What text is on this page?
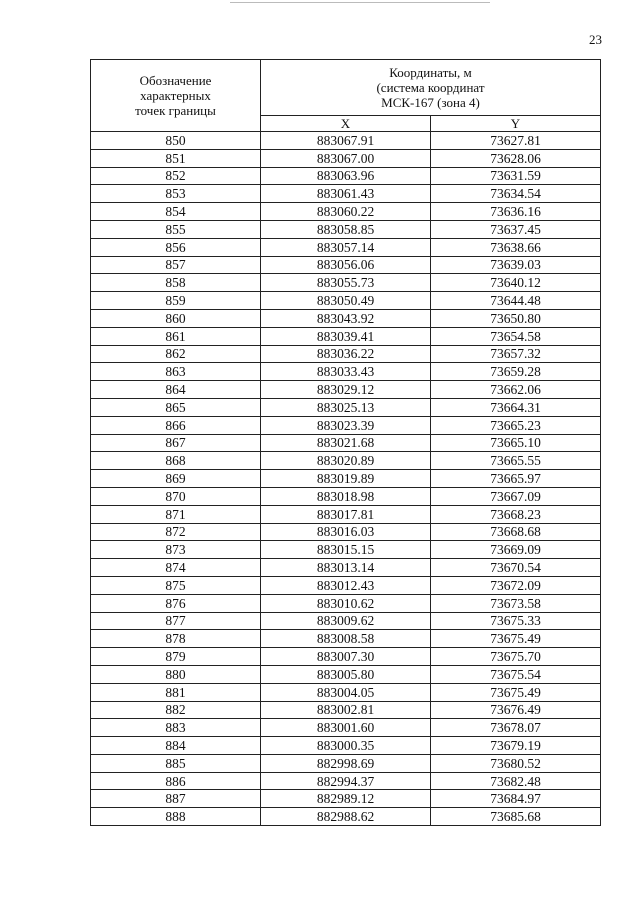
23
Обозначение
характерных
точек границы	Координаты, м
(система координат
МСК-167 (зона 4)	

	X	Y
850	883067.91	73627.81
851	883067.00	73628.06
852	883063.96	73631.59
853	883061.43	73634.54
854	883060.22	73636.16
855	883058.85	73637.45
856	883057.14	73638.66
857	883056.06	73639.03
858	883055.73	73640.12
859	883050.49	73644.48
860	883043.92	73650.80
861	883039.41	73654.58
862	883036.22	73657.32
863	883033.43	73659.28
864	883029.12	73662.06
865	883025.13	73664.31
866	883023.39	73665.23
867	883021.68	73665.10
868	883020.89	73665.55
869	883019.89	73665.97
870	883018.98	73667.09
871	883017.81	73668.23
872	883016.03	73668.68
873	883015.15	73669.09
874	883013.14	73670.54
875	883012.43	73672.09
876	883010.62	73673.58
877	883009.62	73675.33
878	883008.58	73675.49
879	883007.30	73675.70
880	883005.80	73675.54
881	883004.05	73675.49
882	883002.81	73676.49
883	883001.60	73678.07
884	883000.35	73679.19
885	882998.69	73680.52
886	882994.37	73682.48
887	882989.12	73684.97
888	882988.62	73685.68
